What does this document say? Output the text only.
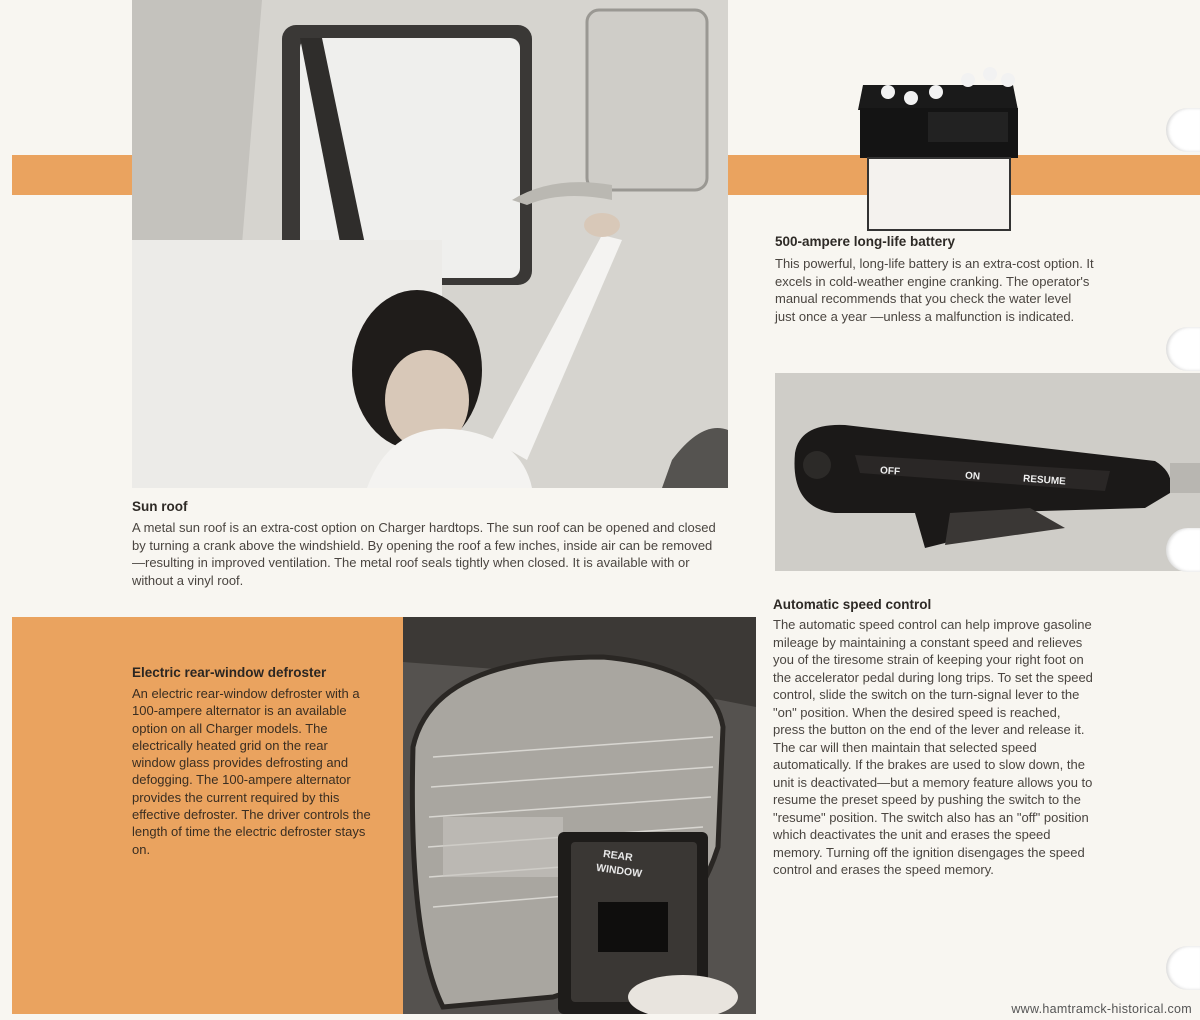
Sun roof
A metal sun roof is an extra-cost option on Charger hardtops. The sun roof can be opened and closed by turning a crank above the windshield. By opening the roof a few inches, inside air can be removed—resulting in improved ventilation. The metal roof seals tightly when closed. It is available with or without a vinyl roof.
500-ampere long-life battery
This powerful, long-life battery is an extra-cost option. It excels in cold-weather engine cranking. The operator's manual recommends that you check the water level just once a year —unless a malfunction is indicated.
OFF	ON	RESUME
Automatic speed control
The automatic speed control can help improve gasoline mileage by maintaining a constant speed and relieves you of the tiresome strain of keeping your right foot on the accelerator pedal during long trips. To set the speed control, slide the switch on the turn-signal lever to the "on" position. When the desired speed is reached, press the button on the end of the lever and release it. The car will then maintain that selected speed automatically. If the brakes are used to slow down, the unit is deactivated—but a memory feature allows you to resume the preset speed by pushing the switch to the "resume" position. The switch also has an "off" position which deactivates the unit and erases the speed memory. Turning off the ignition disengages the speed control and erases the speed memory.
Electric rear-window defroster
An electric rear-window defroster with a 100-ampere alternator is an available option on all Charger models. The electrically heated grid on the rear window glass provides defrosting and defogging. The 100-ampere alternator provides the current required by this effective defroster. The driver controls the length of time the electric defroster stays on.	REAR
WINDOW
www.hamtramck-historical.com
